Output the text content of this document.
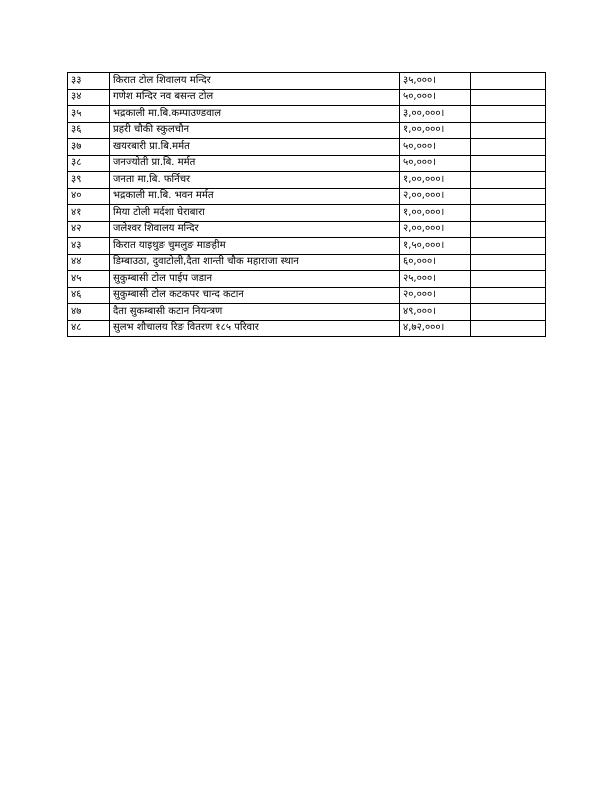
३३	किरात टोल शिवालय मन्दिर	३५,०००।	
३४	गणेश मन्दिर नव बसन्त टोल	५०,०००।	
३५	भद्रकाली मा.बि.कम्पाउण्डवाल	३,००,०००।	
३६	प्रहरी चौकी स्कुलचौन	१,००,०००।	
३७	खयरबारी प्रा.बि.मर्मत	५०,०००।	
३८	जनज्योती प्रा.बि. मर्मत	५०,०००।	
३९	जनता मा.बि. फर्निचर	१,००,०००।	
४०	भद्रकाली मा.बि. भवन मर्मत	२,००,०००।	
४१	मिया टोली मर्दशा घेराबारा	१,००,०००।	
४२	जलेश्वर शिवालय मन्दिर	२,००,०००।	
४३	किरात याइथुङ चुमलुङ माङहीम	१,५०,०००।	
४४	डिम्बाउठा, दुवाटोली,दैता शान्ती चौक महाराजा स्थान	६०,०००।	
४५	सुकुम्बासी टोल पाईप जडान	२५,०००।	
४६	सुकुम्बासी टोल कटकपर चान्द कटान	२०,०००।	
४७	दैता सुकम्बासी कटान नियन्त्रण	४९,०००।	
४८	सुलभ शौचालय रिङ वितरण १८५ परिवार	४,७२,०००।	
